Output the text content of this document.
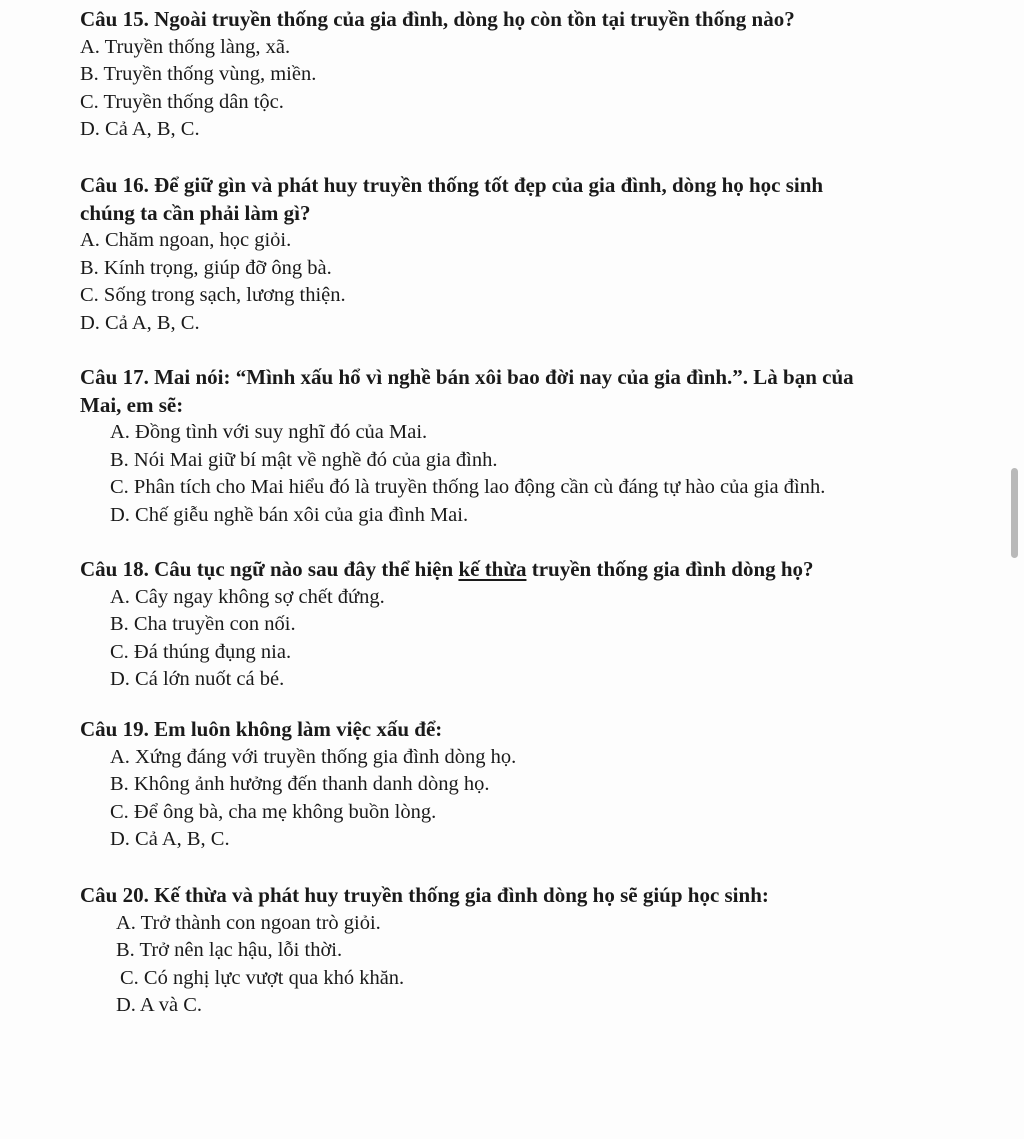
Câu 15. Ngoài truyền thống của gia đình, dòng họ còn tồn tại truyền thống nào?

A. Truyền thống làng, xã.

B. Truyền thống vùng, miền.

C. Truyền thống dân tộc.

D. Cả A, B, C.

Câu 16. Để giữ gìn và phát huy truyền thống tốt đẹp của gia đình, dòng họ học sinh

chúng ta cần phải làm gì?

A. Chăm ngoan, học giỏi.

B. Kính trọng, giúp đỡ ông bà.

C. Sống trong sạch, lương thiện.

D. Cả A, B, C.

Câu 17. Mai nói: “Mình xấu hổ vì nghề bán xôi bao đời nay của gia đình.”. Là bạn của

Mai, em sẽ:

A. Đồng tình với suy nghĩ đó của Mai.

B. Nói Mai giữ bí mật về nghề đó của gia đình.

C. Phân tích cho Mai hiểu đó là truyền thống lao động cần cù đáng tự hào của gia đình.

D. Chế giễu nghề bán xôi của gia đình Mai.

Câu 18. Câu tục ngữ nào sau đây thể hiện kế thừa truyền thống gia đình dòng họ?

A. Cây ngay không sợ chết đứng.

B. Cha truyền con nối.

C. Đá thúng đụng nia.

D. Cá lớn nuốt cá bé.

Câu 19. Em luôn không làm việc xấu để:

A. Xứng đáng với truyền thống gia đình dòng họ.

B. Không ảnh hưởng đến thanh danh dòng họ.

C. Để ông bà, cha mẹ không buồn lòng.

D. Cả A, B, C.

Câu 20. Kế thừa và phát huy truyền thống gia đình dòng họ sẽ giúp học sinh:

A. Trở thành con ngoan trò giỏi.

B. Trở nên lạc hậu, lỗi thời.

C. Có nghị lực vượt qua khó khăn.

D. A và C.
